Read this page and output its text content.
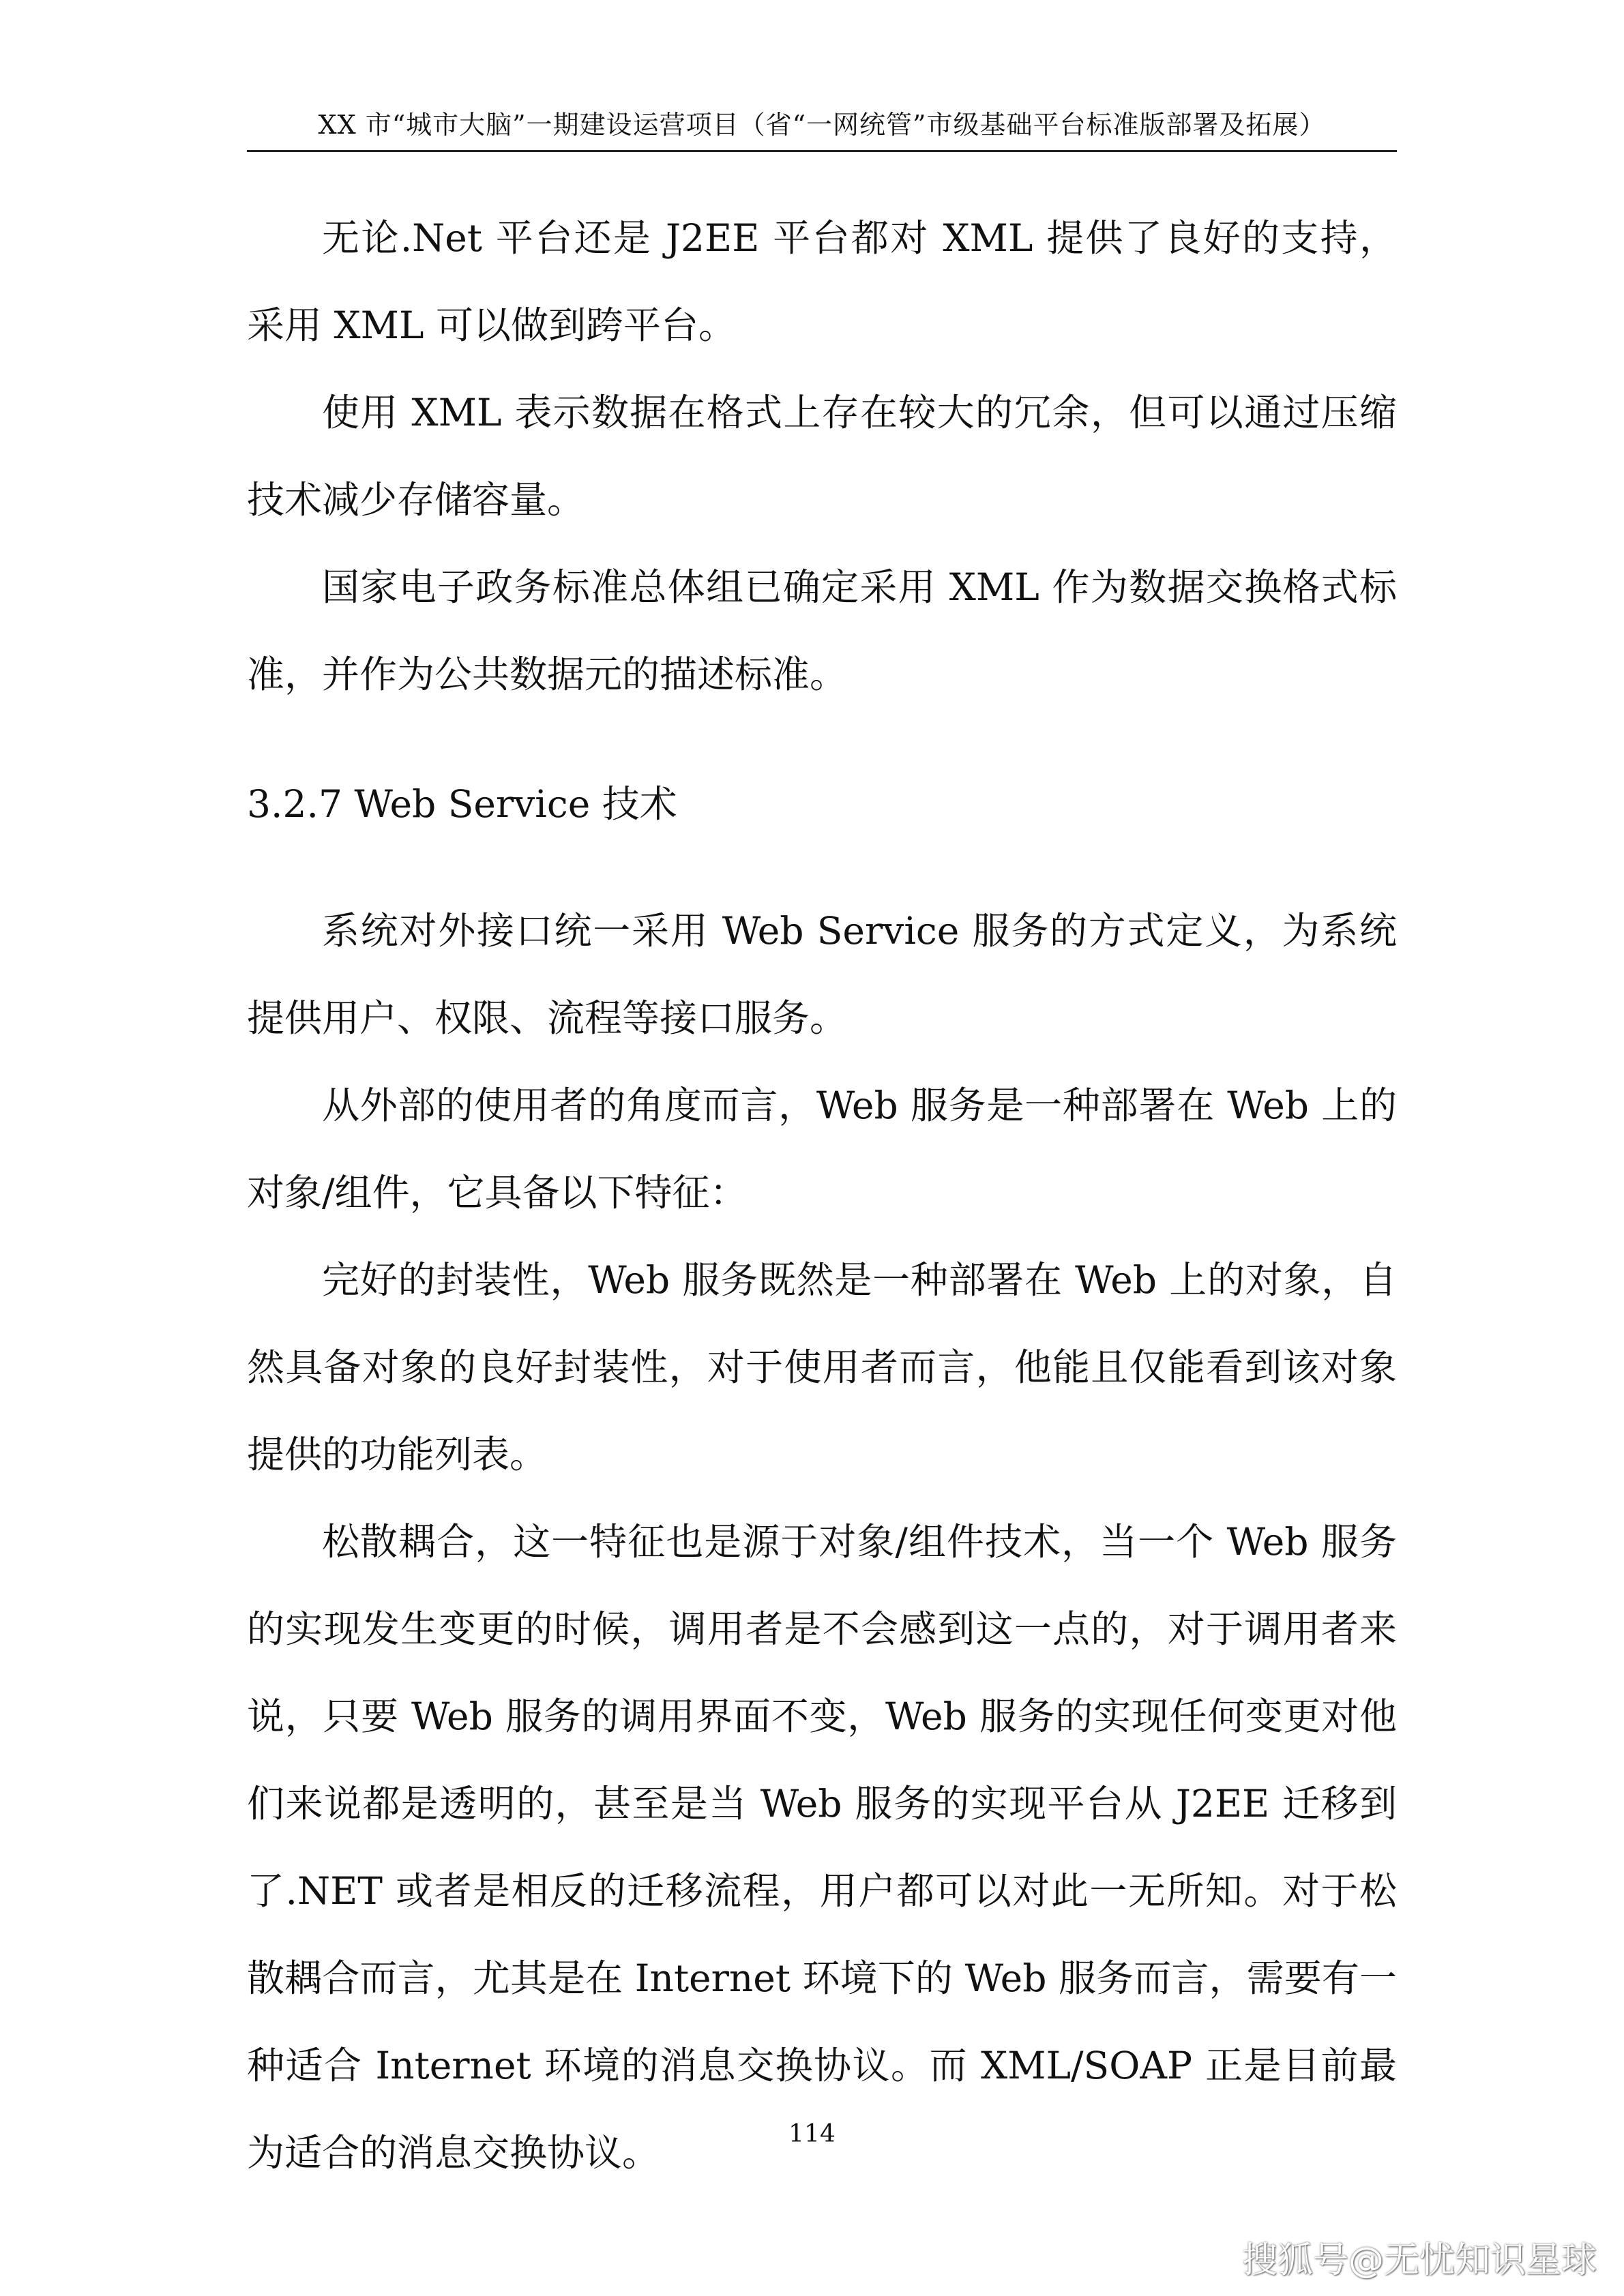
XX 市“城市大脑”一期建设运营项目（省“一网统管”市级基础平台标准版部署及拓展）

无论.Net 平台还是 J2EE 平台都对 XML 提供了良好的支持，采用 XML 可以做到跨平台。

使用 XML 表示数据在格式上存在较大的冗余，但可以通过压缩技术减少存储容量。

国家电子政务标准总体组已确定采用 XML 作为数据交换格式标准，并作为公共数据元的描述标准。

3.2.7 Web Service 技术

系统对外接口统一采用 Web Service 服务的方式定义，为系统提供用户、权限、流程等接口服务。

从外部的使用者的角度而言，Web 服务是一种部署在 Web 上的对象/组件，它具备以下特征：

完好的封装性，Web 服务既然是一种部署在 Web 上的对象，自然具备对象的良好封装性，对于使用者而言，他能且仅能看到该对象提供的功能列表。

松散耦合，这一特征也是源于对象/组件技术，当一个 Web 服务的实现发生变更的时候，调用者是不会感到这一点的，对于调用者来说，只要 Web 服务的调用界面不变，Web 服务的实现任何变更对他们来说都是透明的，甚至是当 Web 服务的实现平台从 J2EE 迁移到了.NET 或者是相反的迁移流程，用户都可以对此一无所知。对于松散耦合而言，尤其是在 Internet 环境下的 Web 服务而言，需要有一种适合 Internet 环境的消息交换协议。而 XML/SOAP 正是目前最为适合的消息交换协议。	114
搜狐号@无忧知识星球
